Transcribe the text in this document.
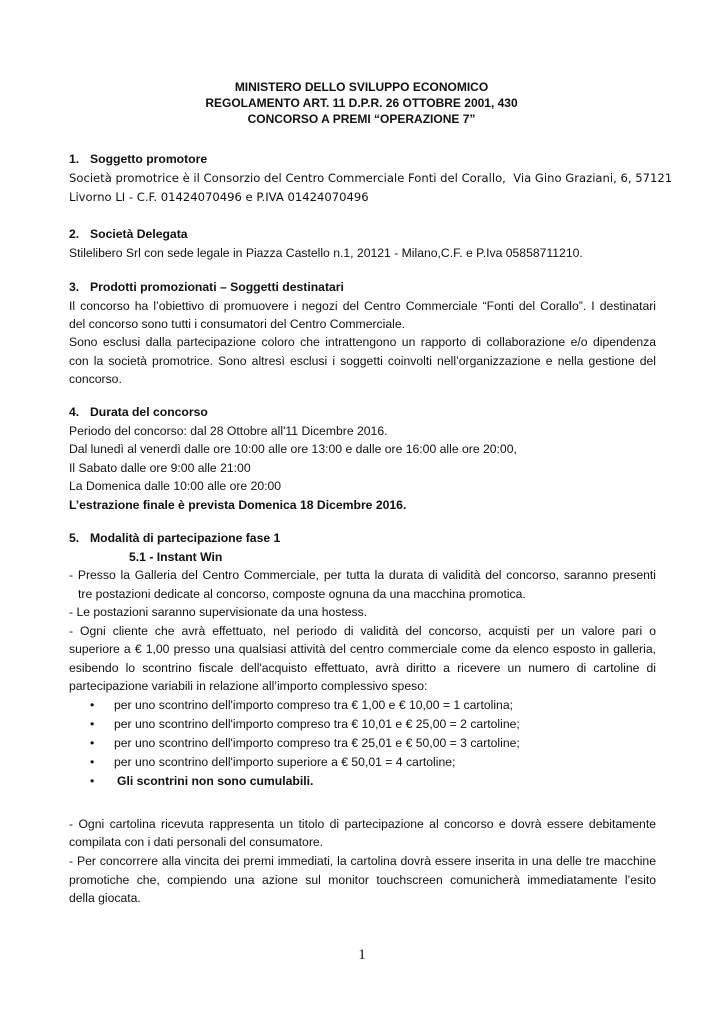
MINISTERO DELLO SVILUPPO ECONOMICO
REGOLAMENTO ART. 11 D.P.R. 26 OTTOBRE 2001, 430
CONCORSO A PREMI “OPERAZIONE 7”
1. Soggetto promotore
Società promotrice è il Consorzio del Centro Commerciale Fonti del Corallo, Via Gino Graziani, 6, 57121
Livorno LI - C.F. 01424070496 e P.IVA 01424070496
2. Società Delegata
Stilelibero Srl con sede legale in Piazza Castello n.1, 20121 - Milano,C.F. e P.Iva 05858711210.
3. Prodotti promozionati – Soggetti destinatari
Il concorso ha l’obiettivo di promuovere i negozi del Centro Commerciale “Fonti del Corallo”. I destinatari
del concorso sono tutti i consumatori del Centro Commerciale.
Sono esclusi dalla partecipazione coloro che intrattengono un rapporto di collaborazione e/o dipendenza
con la società promotrice. Sono altresì esclusi i soggetti coinvolti nell’organizzazione e nella gestione del
concorso.
4. Durata del concorso
Periodo del concorso: dal 28 Ottobre all'11 Dicembre 2016.
Dal lunedì al venerdì dalle ore 10:00 alle ore 13:00 e dalle ore 16:00 alle ore 20:00,
Il Sabato dalle ore 9:00 alle 21:00
La Domenica dalle 10:00 alle ore 20:00
L’estrazione finale è prevista Domenica 18 Dicembre 2016.
5. Modalità di partecipazione fase 1
5.1 - Instant Win
- Presso la Galleria del Centro Commerciale, per tutta la durata di validità del concorso, saranno presenti
tre postazioni dedicate al concorso, composte ognuna da una macchina promotica.
- Le postazioni saranno supervisionate da una hostess.
- Ogni cliente che avrà effettuato, nel periodo di validità del concorso, acquisti per un valore pari o
superiore a € 1,00 presso una qualsiasi attività del centro commerciale come da elenco esposto in galleria,
esibendo lo scontrino fiscale dell'acquisto effettuato, avrà diritto a ricevere un numero di cartoline di
partecipazione variabili in relazione all’importo complessivo speso:
•	per uno scontrino dell'importo compreso tra € 1,00 e € 10,00 = 1 cartolina;
•	per uno scontrino dell'importo compreso tra € 10,01 e € 25,00 = 2 cartoline;
•	per uno scontrino dell'importo compreso tra € 25,01 e € 50,00 = 3 cartoline;
•	per uno scontrino dell'importo superiore a € 50,01 = 4 cartoline;
•	Gli scontrini non sono cumulabili.
- Ogni cartolina ricevuta rappresenta un titolo di partecipazione al concorso e dovrà essere debitamente
compilata con i dati personali del consumatore.
- Per concorrere alla vincita dei premi immediati, la cartolina dovrà essere inserita in una delle tre macchine
promotiche che, compiendo una azione sul monitor touchscreen comunicherà immediatamente l’esito
della giocata.
1
